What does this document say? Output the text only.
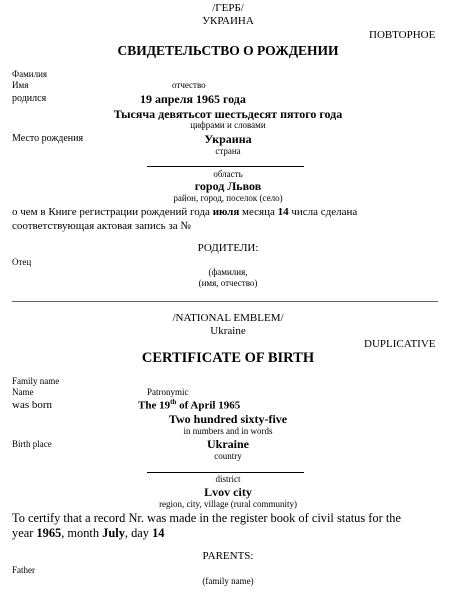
/ГЕРБ/
УКРАИНА
ПОВТОРНОЕ
СВИДЕТЕЛЬСТВО О РОЖДЕНИИ
Фамилия
Имя	отчество
родился	19 апреля 1965 года
Тысяча девятьсот шестьдесят пятого года
цифрами и словами
Место рождения	Украина
страна
область
город Львов
район, город, поселок (село)
о чем в Книге регистрации рождений года июля месяца 14 числа сделана
соответствующая актовая запись за №
РОДИТЕЛИ:
Отец
(фамилия,
(имя, отчество)
/NATIONAL EMBLEM/
Ukraine
DUPLICATIVE
CERTIFICATE OF BIRTH
Family name
Name	Patronymic
was born	The 19th of April 1965
Two hundred sixty-five
in numbers and in words
Birth place	Ukraine
country
district
Lvov city
region, city, village (rural community)
To certify that a record Nr. was made in the register book of civil status for the
year 1965, month July, day 14
PARENTS:
Father
(family name)
